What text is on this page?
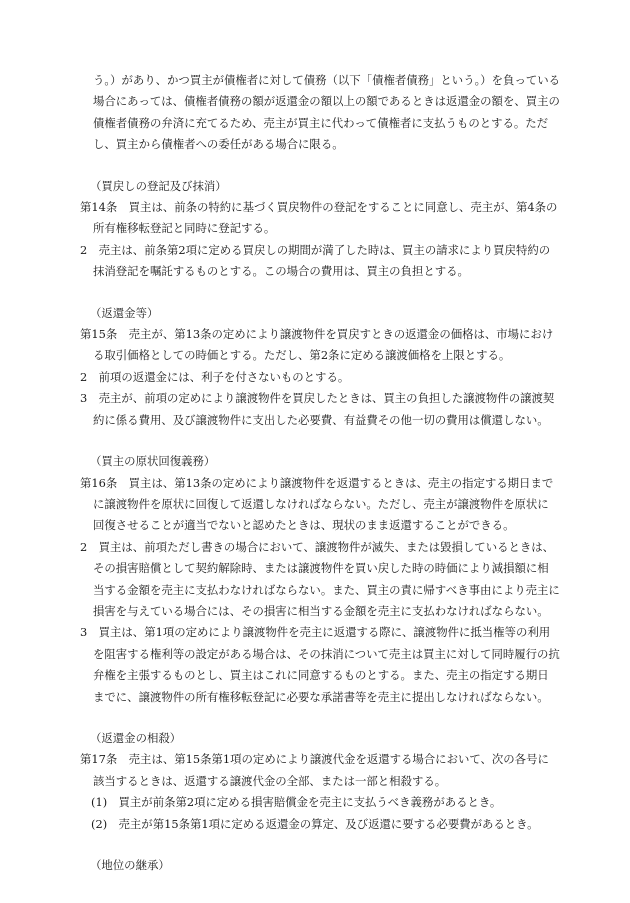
う。）があり、かつ買主が債権者に対して債務（以下「債権者債務」という。）を負っている場合にあっては、債権者債務の額が返還金の額以上の額であるときは返還金の額を、買主の債権者債務の弁済に充てるため、売主が買主に代わって債権者に支払うものとする。ただし、買主から債権者への委任がある場合に限る。
（買戻しの登記及び抹消）
第14条　買主は、前条の特約に基づく買戻物件の登記をすることに同意し、売主が、第4条の所有権移転登記と同時に登記する。
2　売主は、前条第2項に定める買戻しの期間が満了した時は、買主の請求により買戻特約の抹消登記を嘱託するものとする。この場合の費用は、買主の負担とする。
（返還金等）
第15条　売主が、第13条の定めにより譲渡物件を買戻すときの返還金の価格は、市場における取引価格としての時価とする。ただし、第2条に定める譲渡価格を上限とする。
2　前項の返還金には、利子を付さないものとする。
3　売主が、前項の定めにより譲渡物件を買戻したときは、買主の負担した譲渡物件の譲渡契約に係る費用、及び譲渡物件に支出した必要費、有益費その他一切の費用は償還しない。
（買主の原状回復義務）
第16条　買主は、第13条の定めにより譲渡物件を返還するときは、売主の指定する期日までに譲渡物件を原状に回復して返還しなければならない。ただし、売主が譲渡物件を原状に回復させることが適当でないと認めたときは、現状のまま返還することができる。
2　買主は、前項ただし書きの場合において、譲渡物件が滅失、または毀損しているときは、その損害賠償として契約解除時、または譲渡物件を買い戻した時の時価により減損額に相当する金額を売主に支払わなければならない。また、買主の責に帰すべき事由により売主に損害を与えている場合には、その損害に相当する金額を売主に支払わなければならない。
3　買主は、第1項の定めにより譲渡物件を売主に返還する際に、譲渡物件に抵当権等の利用を阻害する権利等の設定がある場合は、その抹消について売主は買主に対して同時履行の抗弁権を主張するものとし、買主はこれに同意するものとする。また、売主の指定する期日までに、譲渡物件の所有権移転登記に必要な承諾書等を売主に提出しなければならない。
（返還金の相殺）
第17条　売主は、第15条第1項の定めにより譲渡代金を返還する場合において、次の各号に該当するときは、返還する譲渡代金の全部、または一部と相殺する。
(1)　買主が前条第2項に定める損害賠償金を売主に支払うべき義務があるとき。
(2)　売主が第15条第1項に定める返還金の算定、及び返還に要する必要費があるとき。
（地位の継承）
